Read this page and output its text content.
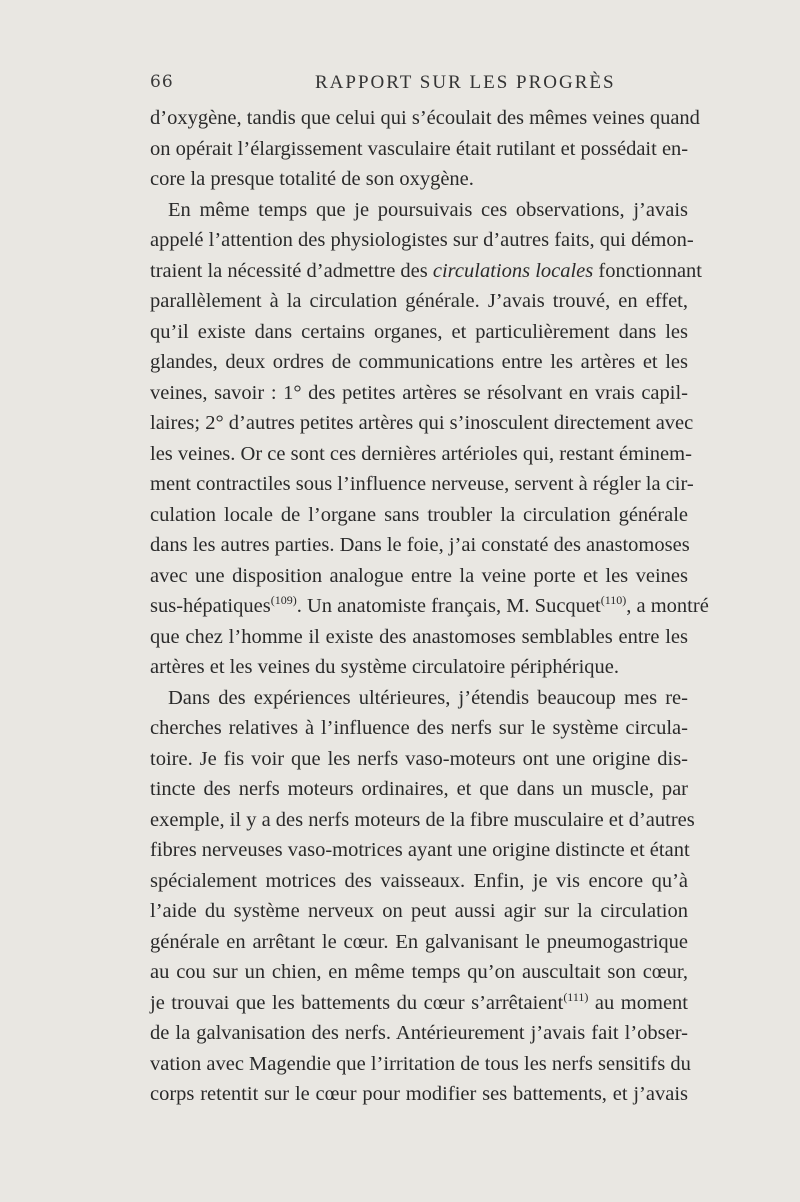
66	RAPPORT SUR LES PROGRÈS
d’oxygène, tandis que celui qui s’écoulait des mêmes veines quand
on opérait l’élargissement vasculaire était rutilant et possédait en-
core la presque totalité de son oxygène.
En même temps que je poursuivais ces observations, j’avais
appelé l’attention des physiologistes sur d’autres faits, qui démon-
traient la nécessité d’admettre des circulations locales fonctionnant
parallèlement à la circulation générale. J’avais trouvé, en effet,
qu’il existe dans certains organes, et particulièrement dans les
glandes, deux ordres de communications entre les artères et les
veines, savoir : 1° des petites artères se résolvant en vrais capil-
laires; 2° d’autres petites artères qui s’inosculent directement avec
les veines. Or ce sont ces dernières artérioles qui, restant éminem-
ment contractiles sous l’influence nerveuse, servent à régler la cir-
culation locale de l’organe sans troubler la circulation générale
dans les autres parties. Dans le foie, j’ai constaté des anastomoses
avec une disposition analogue entre la veine porte et les veines
sus-hépatiques$^{(109)}$. Un anatomiste français, M. Sucquet$^{(110)}$, a montré
que chez l’homme il existe des anastomoses semblables entre les
artères et les veines du système circulatoire périphérique.
Dans des expériences ultérieures, j’étendis beaucoup mes re-
cherches relatives à l’influence des nerfs sur le système circula-
toire. Je fis voir que les nerfs vaso-moteurs ont une origine dis-
tincte des nerfs moteurs ordinaires, et que dans un muscle, par
exemple, il y a des nerfs moteurs de la fibre musculaire et d’autres
fibres nerveuses vaso-motrices ayant une origine distincte et étant
spécialement motrices des vaisseaux. Enfin, je vis encore qu’à
l’aide du système nerveux on peut aussi agir sur la circulation
générale en arrêtant le cœur. En galvanisant le pneumogastrique
au cou sur un chien, en même temps qu’on auscultait son cœur,
je trouvai que les battements du cœur s’arrêtaient$^{(111)}$ au moment
de la galvanisation des nerfs. Antérieurement j’avais fait l’obser-
vation avec Magendie que l’irritation de tous les nerfs sensitifs du
corps retentit sur le cœur pour modifier ses battements, et j’avais
